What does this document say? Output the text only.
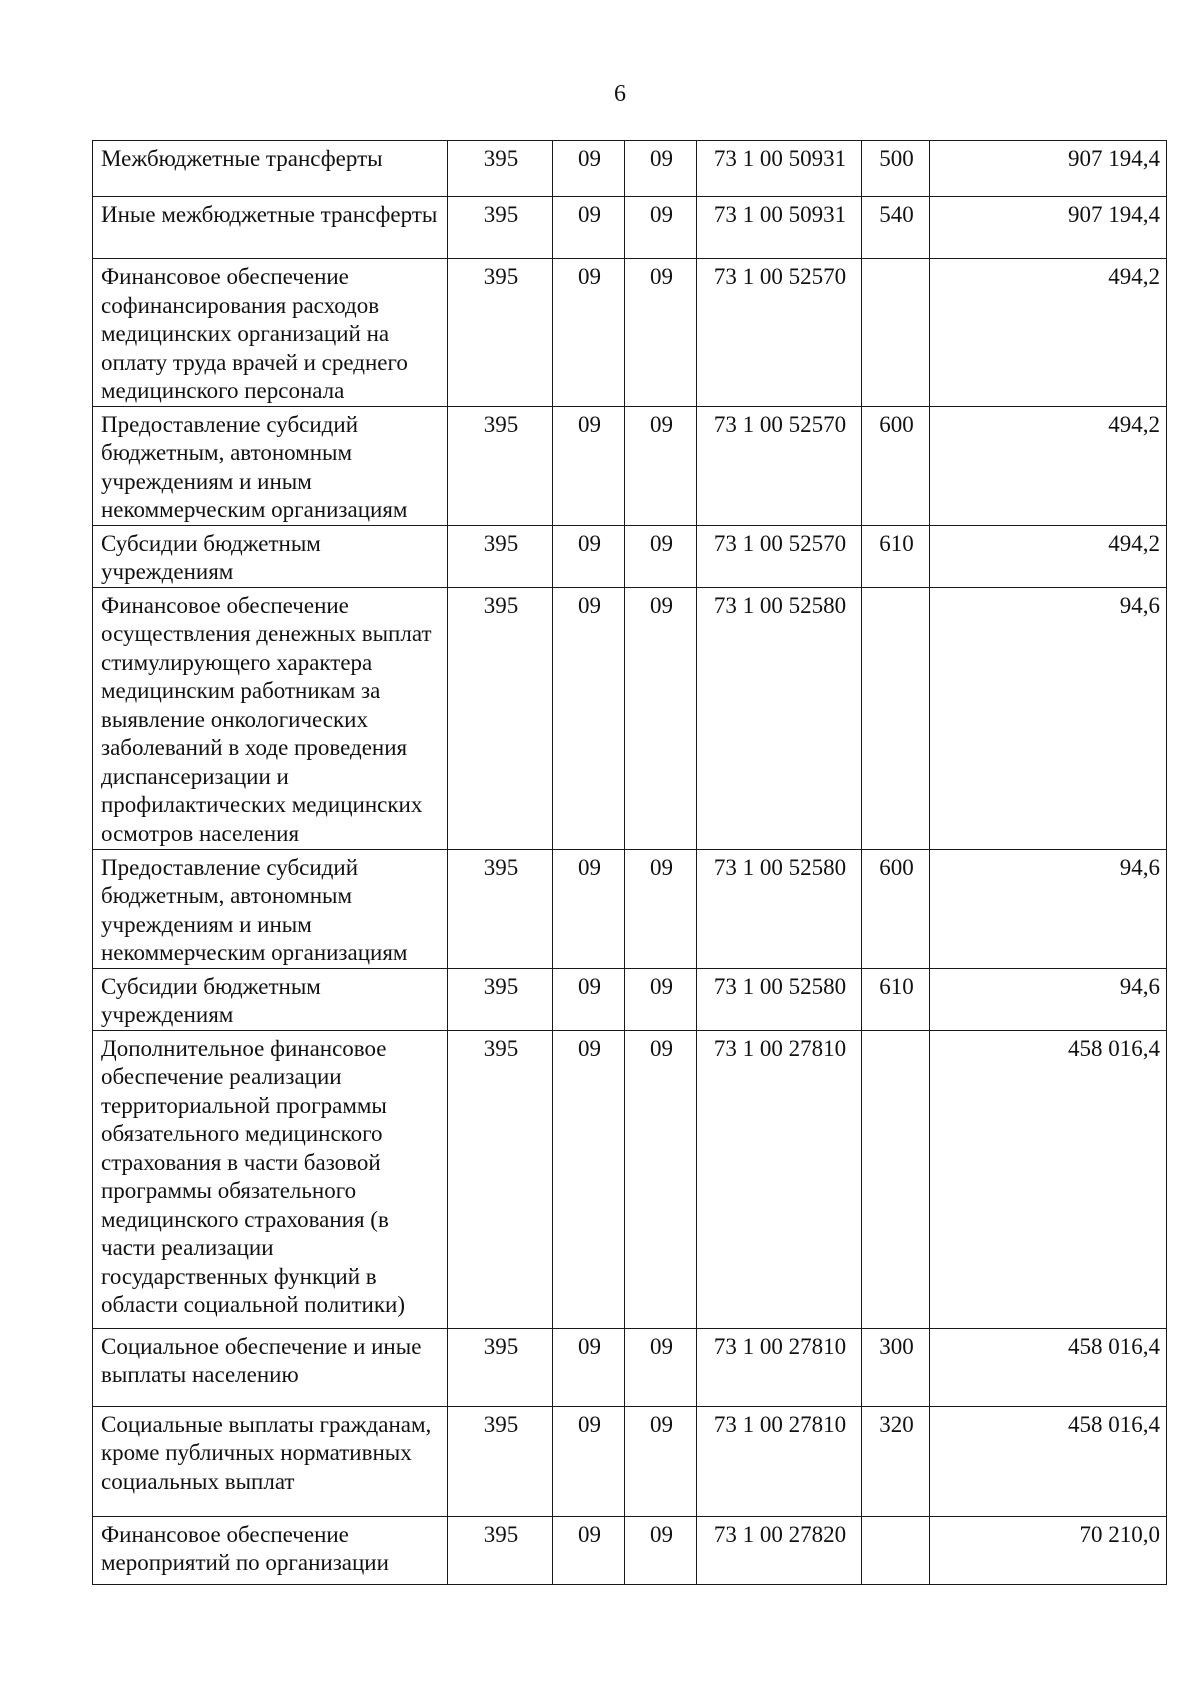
6
Межбюджетные трансферты	395	09	09	73 1 00 50931	500	907 194,4
Иные межбюджетные трансферты	395	09	09	73 1 00 50931	540	907 194,4
Финансовое обеспечение софинансирования расходов медицинских организаций на оплату труда врачей и среднего медицинского персонала	395	09	09	73 1 00 52570		494,2
Предоставление субсидий бюджетным, автономным учреждениям и иным некоммерческим организациям	395	09	09	73 1 00 52570	600	494,2
Субсидии бюджетным учреждениям	395	09	09	73 1 00 52570	610	494,2
Финансовое обеспечение осуществления денежных выплат стимулирующего характера медицинским работникам за выявление онкологических заболеваний в ходе проведения диспансеризации и профилактических медицинских осмотров населения	395	09	09	73 1 00 52580		94,6
Предоставление субсидий бюджетным, автономным учреждениям и иным некоммерческим организациям	395	09	09	73 1 00 52580	600	94,6
Субсидии бюджетным учреждениям	395	09	09	73 1 00 52580	610	94,6
Дополнительное финансовое обеспечение реализации территориальной программы обязательного медицинского страхования в части базовой программы обязательного медицинского страхования (в части реализации государственных функций в области социальной политики)	395	09	09	73 1 00 27810		458 016,4
Социальное обеспечение и иные выплаты населению	395	09	09	73 1 00 27810	300	458 016,4
Социальные выплаты гражданам, кроме публичных нормативных социальных выплат	395	09	09	73 1 00 27810	320	458 016,4
Финансовое обеспечение мероприятий по организации	395	09	09	73 1 00 27820		70 210,0
